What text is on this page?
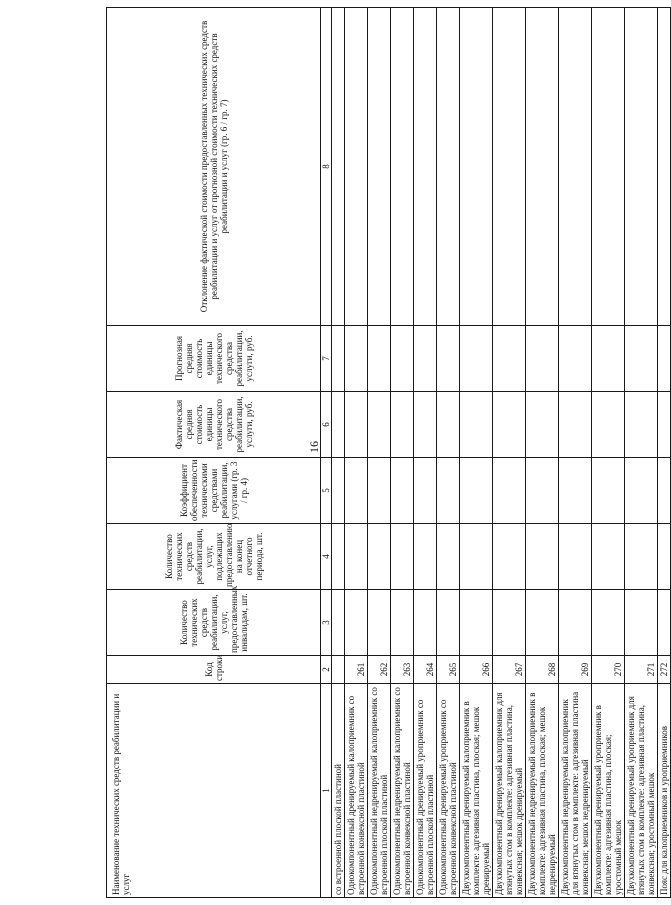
16
Наименование технических средств реабилитации и услуг	Код строки	Количество технических средств реабилитации, услуг, предоставленных инвалидам, шт.	Количество технических средств реабилитации, услуг, подлежащих предоставлению на конец отчетного периода, шт.	Коэффициент обеспеченности техническими средствами реабилитации, услугами (гр. 3 / гр. 4)	Фактическая средняя стоимость единицы технического средства реабилитации, услуги, руб.	Прогнозная средняя стоимость единицы технического средства реабилитации, услуги, руб.	Отклонение фактической стоимости предоставленных технических средств реабилитации и услуг от прогнозной стоимости технических средств реабилитации и услуг (гр. 6 / гр. 7)
1	2	3	4	5	6	7	8
со встроенной плоской пластиной							
Однокомпонентный дренируемый калоприемник со встроенной конвексной пластиной	261						
Однокомпонентный недренируемый калоприемник со встроенной плоской пластиной	262						
Однокомпонентный недренируемый калоприемник со встроенной конвексной пластиной	263						
Однокомпонентный дренируемый уроприемник со встроенной плоской пластиной	264						
Однокомпонентный дренируемый уроприемник со встроенной конвексной пластиной	265						
Двухкомпонентный дренируемый калоприемник в комплекте: адгезивная пластина, плоская; мешок дренируемый	266						
Двухкомпонентный дренируемый калоприемник для втянутых стом в комплекте: адгезивная пластина, конвексная; мешок дренируемый	267						
Двухкомпонентный недренируемый калоприемник в комплекте: адгезивная пластина, плоская; мешок недренируемый	268						
Двухкомпонентный недренируемый калоприемник для втянутых стом в комплекте: адгезивная пластина конвексная; мешок недренируемый	269						
Двухкомпонентный дренируемый уроприемник в комплекте: адгезивная пластина, плоская; уростомный мешок	270						
Двухкомпонентный дренируемый уроприемник для втянутых стом в комплекте: адгезивная пластина, конвексная; уростомный мешок	271						
Пояс для калоприемников и уроприемников	272						
